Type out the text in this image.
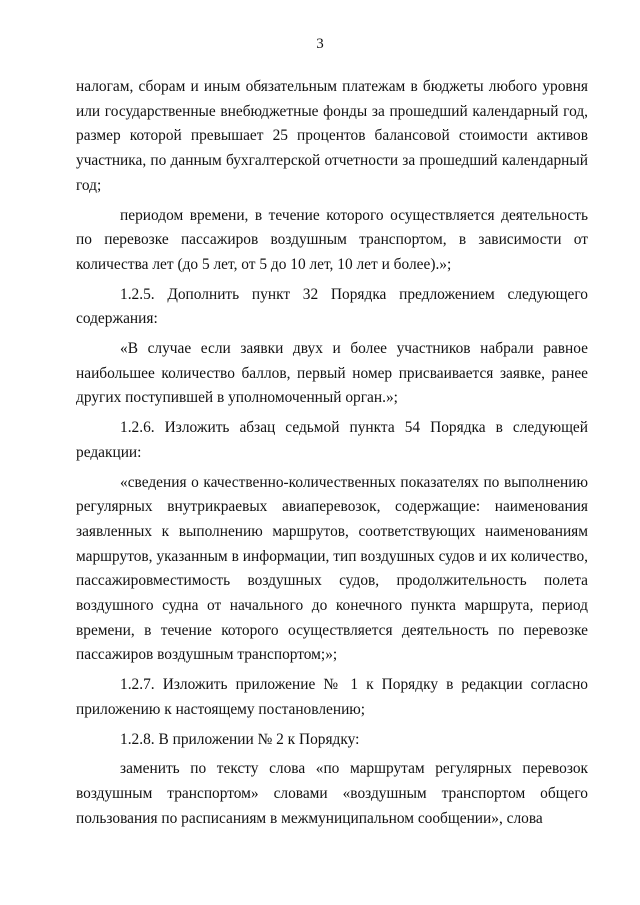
3

налогам, сборам и иным обязательным платежам в бюджеты любого уровня или государственные внебюджетные фонды за прошедший календарный год, размер которой превышает 25 процентов балансовой стоимости активов участника, по данным бухгалтерской отчетности за прошедший календарный год;

периодом времени, в течение которого осуществляется деятельность по перевозке пассажиров воздушным транспортом, в зависимости от количества лет (до 5 лет, от 5 до 10 лет, 10 лет и более).»;

1.2.5. Дополнить пункт 32 Порядка предложением следующего содержания:

«В случае если заявки двух и более участников набрали равное наибольшее количество баллов, первый номер присваивается заявке, ранее других поступившей в уполномоченный орган.»;

1.2.6. Изложить абзац седьмой пункта 54 Порядка в следующей редакции:

«сведения о качественно-количественных показателях по выполнению регулярных внутрикраевых авиаперевозок, содержащие: наименования заявленных к выполнению маршрутов, соответствующих наименованиям маршрутов, указанным в информации, тип воздушных судов и их количество, пассажировместимость воздушных судов, продолжительность полета воздушного судна от начального до конечного пункта маршрута, период времени, в течение которого осуществляется деятельность по перевозке пассажиров воздушным транспортом;»;

1.2.7. Изложить приложение № 1 к Порядку в редакции согласно приложению к настоящему постановлению;

1.2.8. В приложении № 2 к Порядку:

заменить по тексту слова «по маршрутам регулярных перевозок воздушным транспортом» словами «воздушным транспортом общего пользования по расписаниям в межмуниципальном сообщении», слова
